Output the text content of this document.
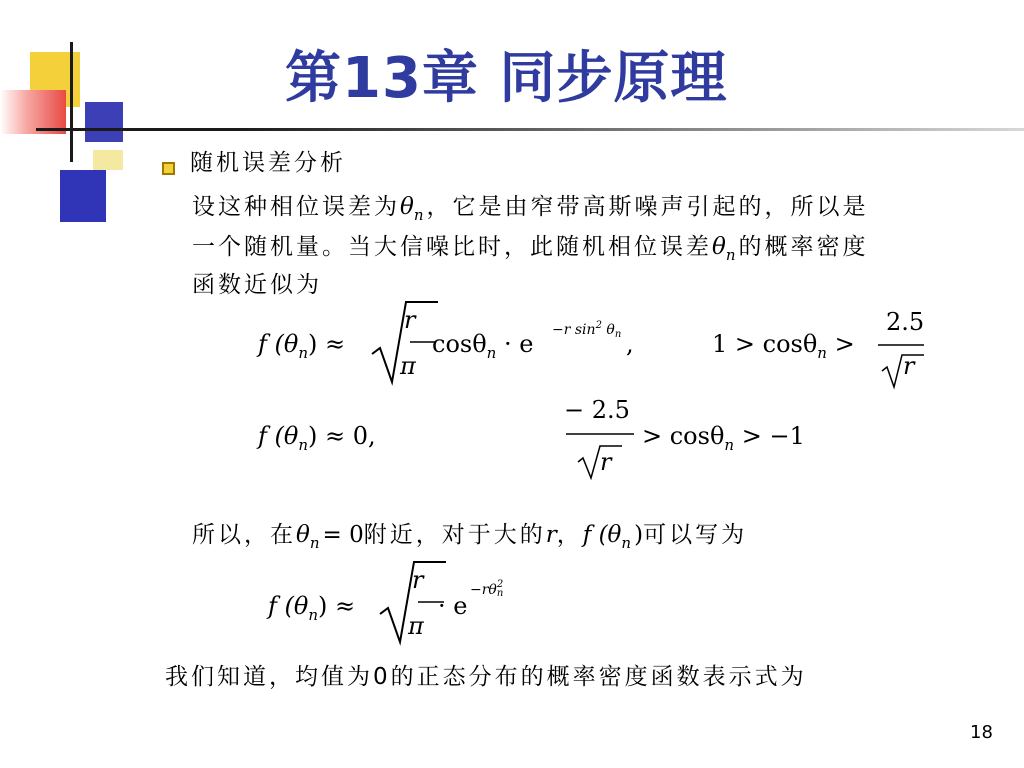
第13章 同步原理
随机误差分析
设这种相位误差为$\theta_n$，它是由窄带高斯噪声引起的，所以是
一个随机量。当大信噪比时，此随机相位误差$\theta_n$的概率密度
函数近似为
f $(\theta_n)$ ≈
r
π
cosθ$_n$ · e −r $\sin^2 \theta_n$ ,	1 > cosθ$_n$ >
2.5
r
f $(\theta_n) \approx 0$,
− 2.5
r
> cosθ$_n$ > −1
所以，在$\theta_n= 0$附近，对于大的r，f $(\theta_n)$可以写为
f $(\theta_n)$ ≈
r
π
· e
−rθ 2
n
我们知道，均值为0的正态分布的概率密度函数表示式为
18
